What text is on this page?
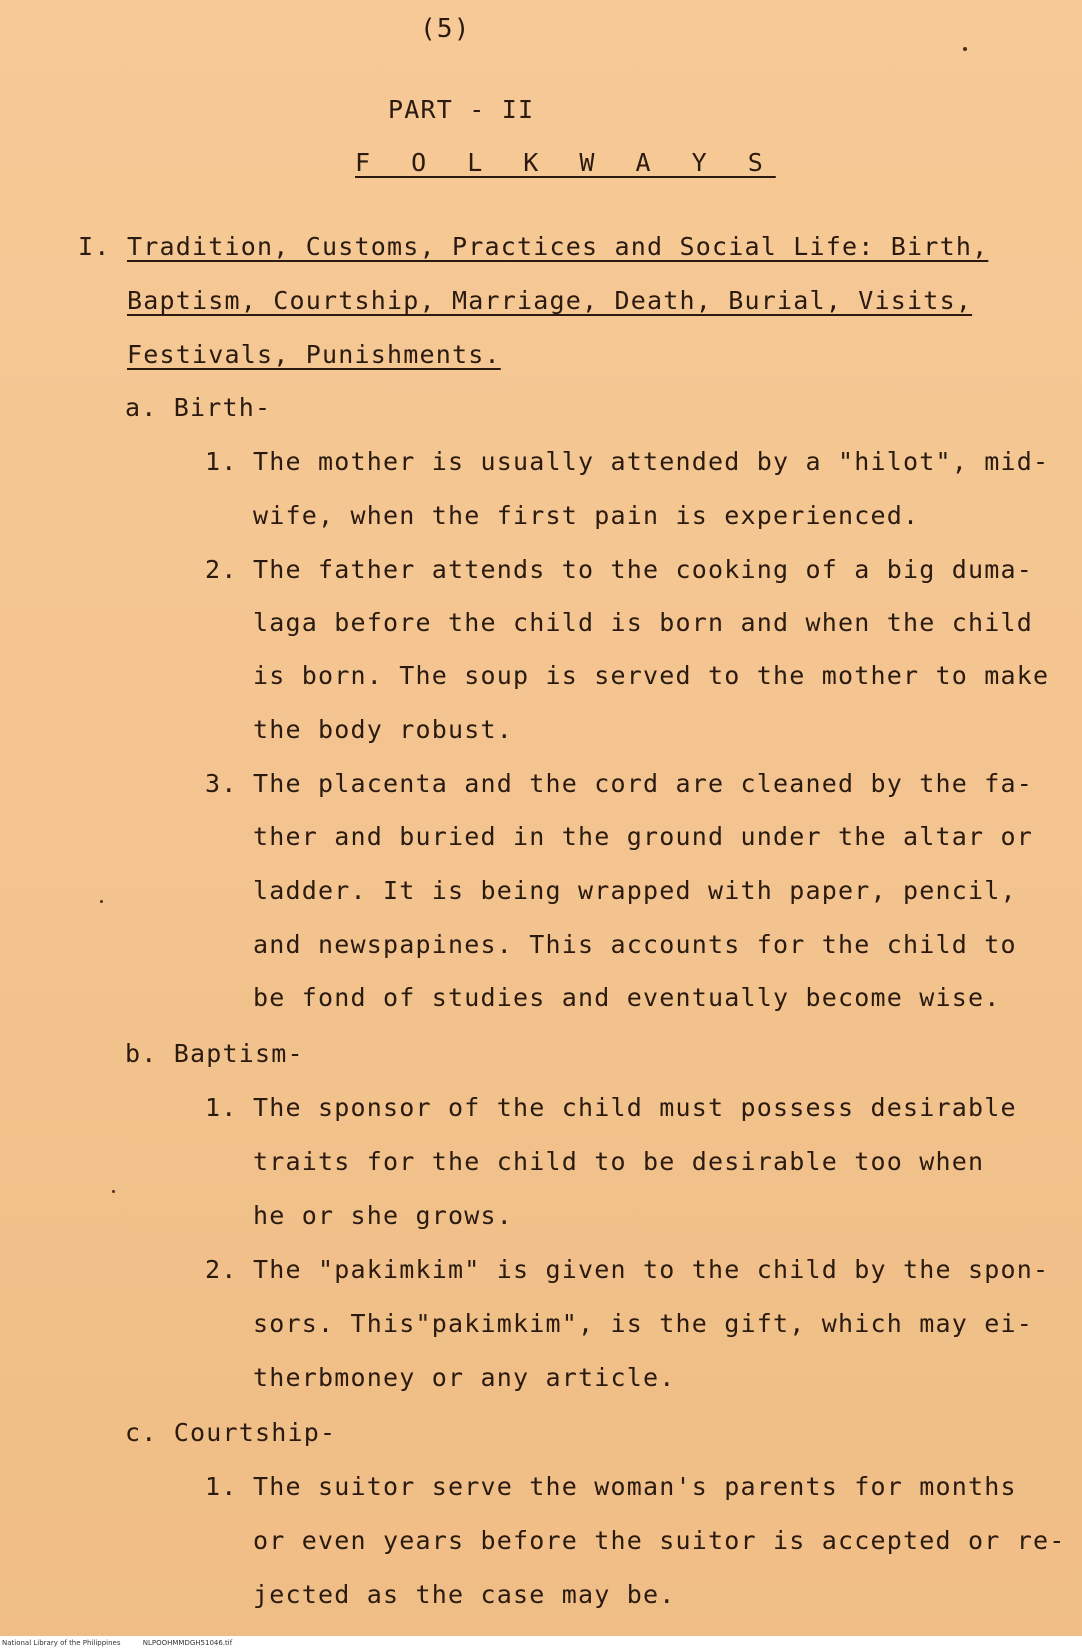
(5)
PART - II
F O L K W A Y S
I. Tradition, Customs, Practices and Social Life: Birth,
Baptism, Courtship, Marriage, Death, Burial, Visits,
Festivals, Punishments.
a. Birth-
1. The mother is usually attended by a "hilot", mid-
wife, when the first pain is experienced.
2. The father attends to the cooking of a big duma-
laga before the child is born and when the child
is born. The soup is served to the mother to make
the body robust.
3. The placenta and the cord are cleaned by the fa-
ther and buried in the ground under the altar or
ladder. It is being wrapped with paper, pencil,
and newspapines. This accounts for the child to
be fond of studies and eventually become wise.
b. Baptism-
1. The sponsor of the child must possess desirable
traits for the child to be desirable too when
he or she grows.
2. The "pakimkim" is given to the child by the spon-
sors. This"pakimkim", is the gift, which may ei-
therbmoney or any article.
c. Courtship-
1. The suitor serve the woman's parents for months
or even years before the suitor is accepted or re-
jected as the case may be.
National Library of the Philippines	NLPOOHMMDGH51046.tif
